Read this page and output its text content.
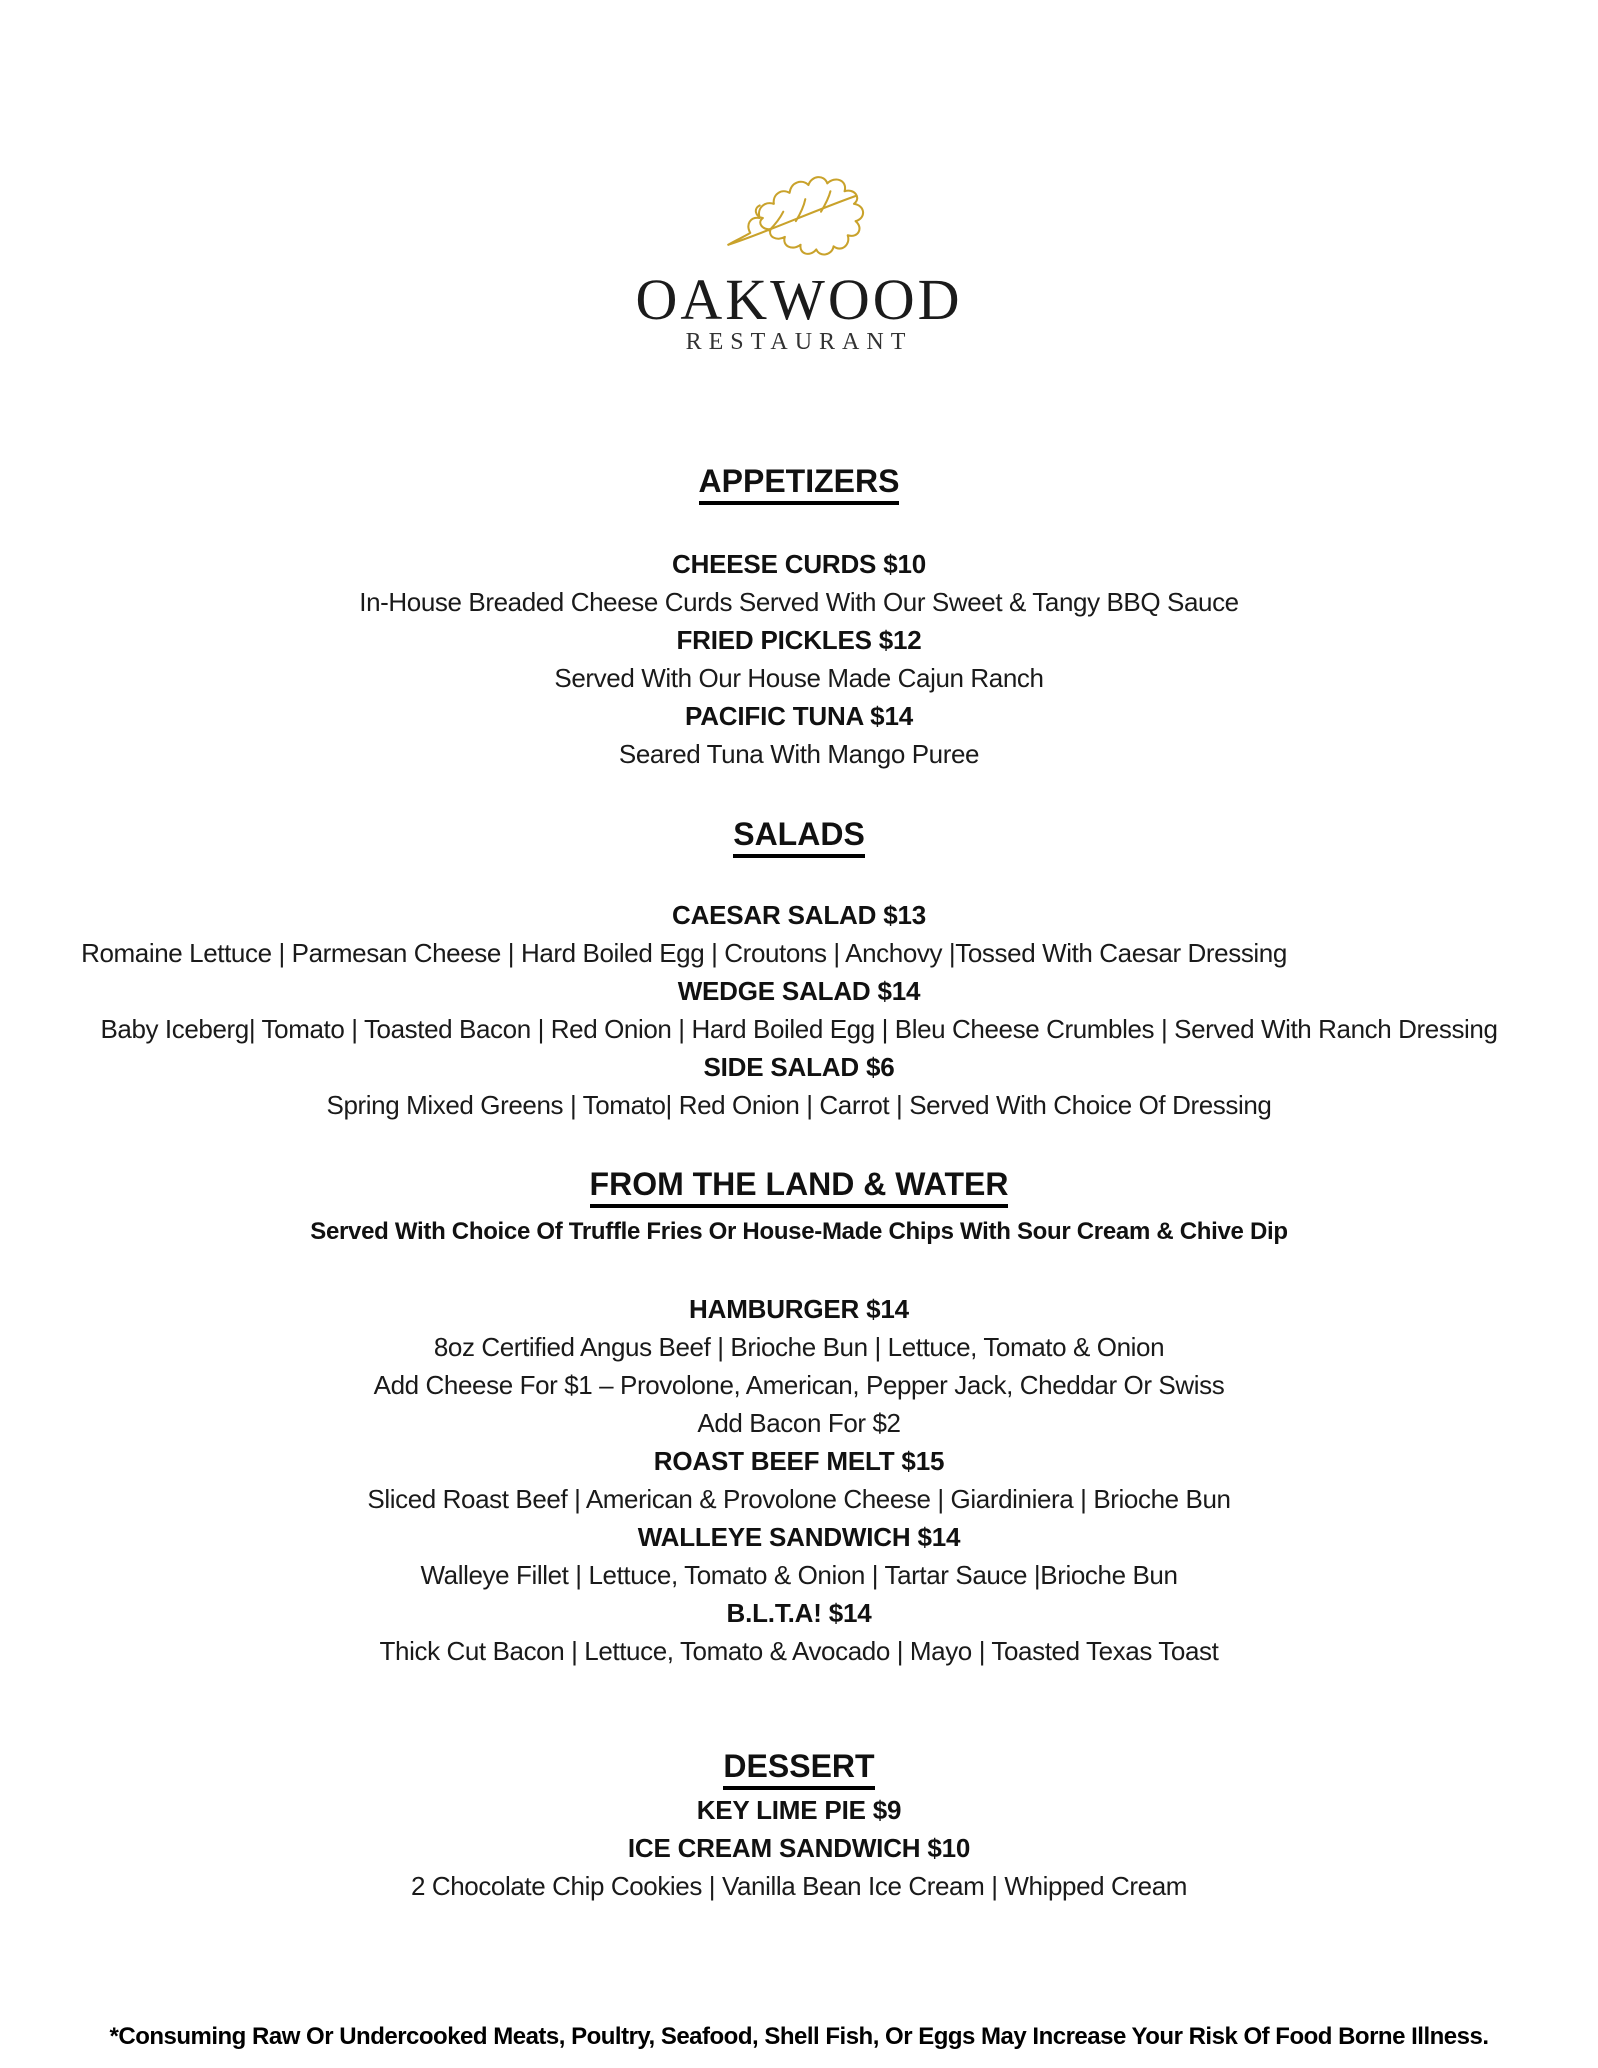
OAKWOOD
RESTAURANT
APPETIZERS
CHEESE CURDS $10
In-House Breaded Cheese Curds Served With Our Sweet & Tangy BBQ Sauce
FRIED PICKLES $12
Served With Our House Made Cajun Ranch
PACIFIC TUNA $14
Seared Tuna With Mango Puree
SALADS
CAESAR SALAD $13
Romaine Lettuce | Parmesan Cheese | Hard Boiled Egg | Croutons | Anchovy |Tossed With Caesar Dressing
WEDGE SALAD $14
Baby Iceberg| Tomato | Toasted Bacon | Red Onion | Hard Boiled Egg | Bleu Cheese Crumbles | Served With Ranch Dressing
SIDE SALAD $6
Spring Mixed Greens | Tomato| Red Onion | Carrot | Served With Choice Of Dressing
FROM THE LAND & WATER
Served With Choice Of Truffle Fries Or House-Made Chips With Sour Cream & Chive Dip
HAMBURGER $14
8oz Certified Angus Beef | Brioche Bun | Lettuce, Tomato & Onion
Add Cheese For $1 – Provolone, American, Pepper Jack, Cheddar Or Swiss
Add Bacon For $2
ROAST BEEF MELT $15
Sliced Roast Beef | American & Provolone Cheese | Giardiniera | Brioche Bun
WALLEYE SANDWICH $14
Walleye Fillet | Lettuce, Tomato & Onion | Tartar Sauce |Brioche Bun
B.L.T.A! $14
Thick Cut Bacon | Lettuce, Tomato & Avocado | Mayo | Toasted Texas Toast
DESSERT
KEY LIME PIE $9
ICE CREAM SANDWICH $10
2 Chocolate Chip Cookies | Vanilla Bean Ice Cream | Whipped Cream
*Consuming Raw Or Undercooked Meats, Poultry, Seafood, Shell Fish, Or Eggs May Increase Your Risk Of Food Borne Illness.
